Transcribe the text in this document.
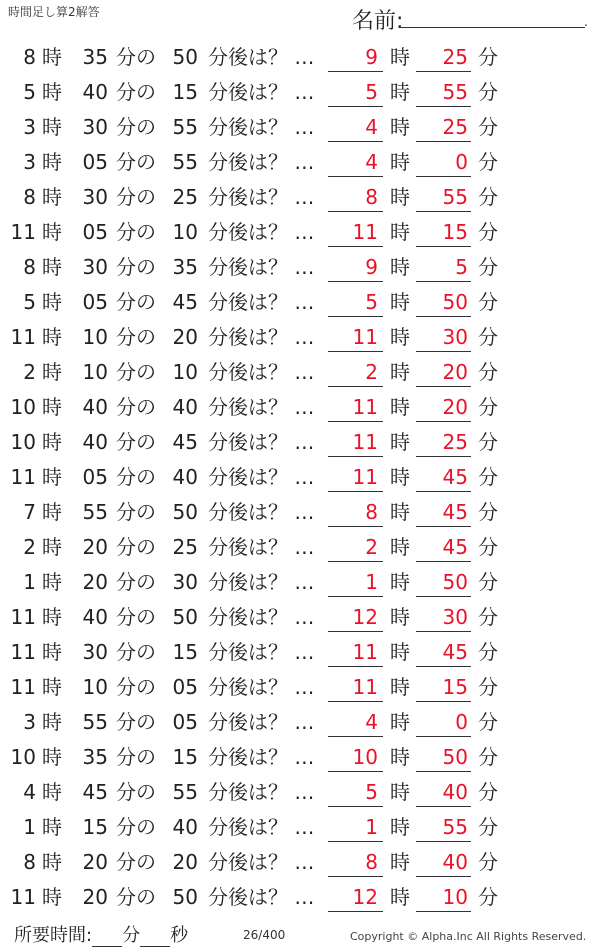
時間足し算2解答	名前:	.
8 時	35 分の 50 分後は？ …	9 時	25 分
5 時	40 分の 15 分後は？ …	5 時	55 分
3 時	30 分の 55 分後は？ …	4 時	25 分
3 時	05 分の 55 分後は？ …	4 時	0 分
8 時	30 分の 25 分後は？ …	8 時	55 分
11 時	05 分の 10 分後は？ …	11 時	15 分
8 時	30 分の 35 分後は？ …	9 時	5 分
5 時	05 分の 45 分後は？ …	5 時	50 分
11 時	10 分の 20 分後は？ …	11 時	30 分
2 時	10 分の 10 分後は？ …	2 時	20 分
10 時	40 分の 40 分後は？ …	11 時	20 分
10 時	40 分の 45 分後は？ …	11 時	25 分
11 時	05 分の 40 分後は？ …	11 時	45 分
7 時	55 分の 50 分後は？ …	8 時	45 分
2 時	20 分の 25 分後は？ …	2 時	45 分
1 時	20 分の 30 分後は？ …	1 時	50 分
11 時	40 分の 50 分後は？ …	12 時	30 分
11 時	30 分の 15 分後は？ …	11 時	45 分
11 時	10 分の 05 分後は？ …	11 時	15 分
3 時	55 分の 05 分後は？ …	4 時	0 分
10 時	35 分の 15 分後は？ …	10 時	50 分
4 時	45 分の 55 分後は？ …	5 時	40 分
1 時	15 分の 40 分後は？ …	1 時	55 分
8 時	20 分の 20 分後は？ …	8 時	40 分
11 時	20 分の 50 分後は？ …	12 時	10 分
所要時間: 分 秒	26/400	Copyright © Alpha.Inc All Rights Reserved.
